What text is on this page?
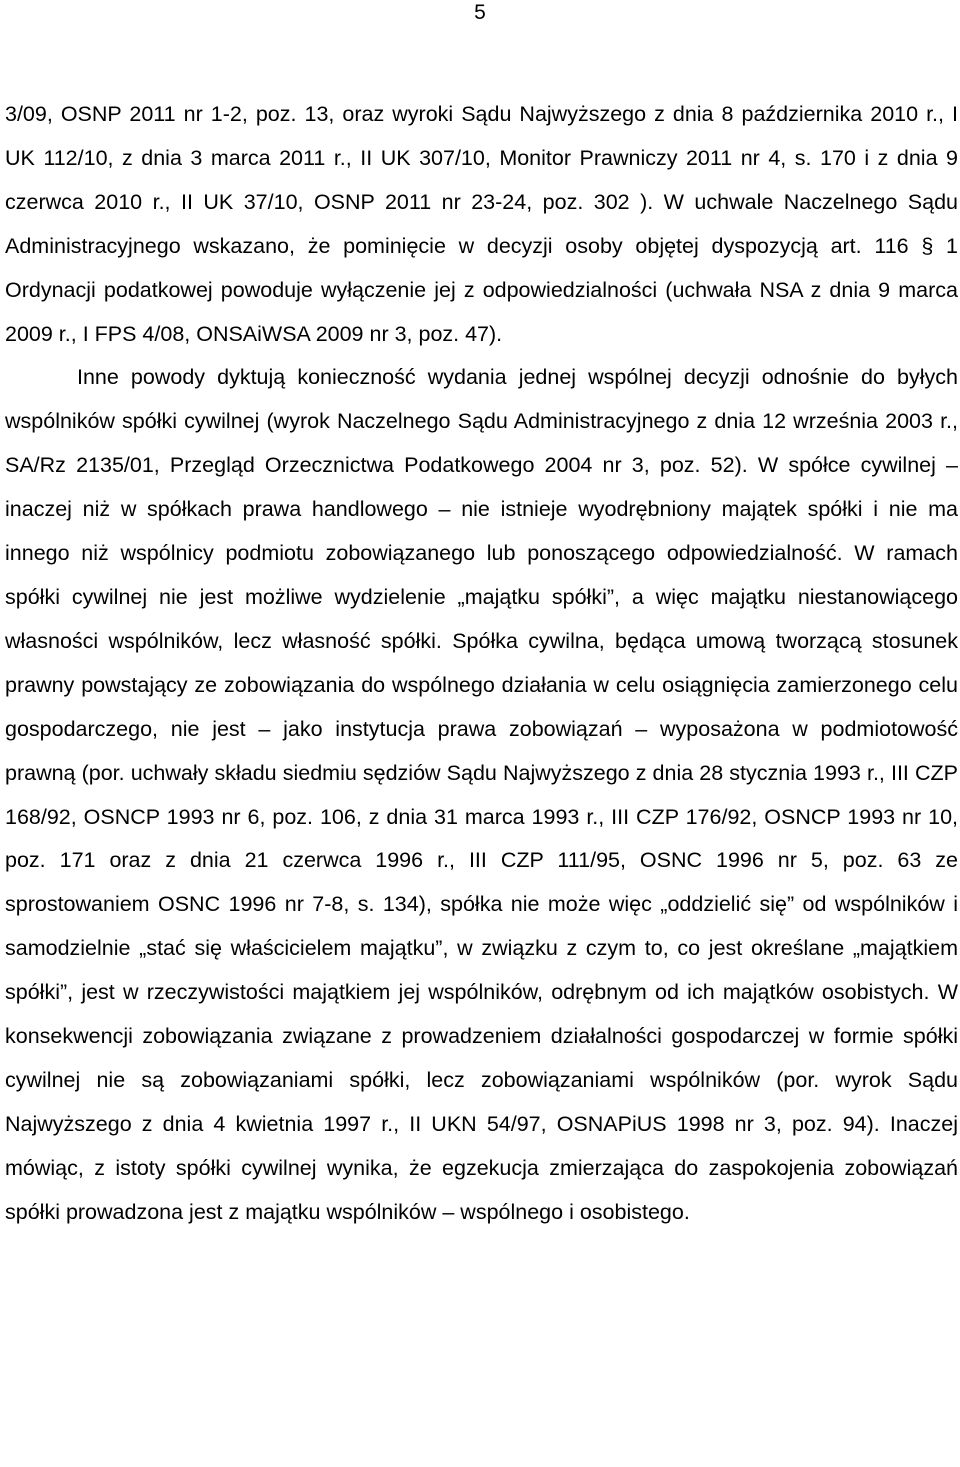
5

3/09, OSNP 2011 nr 1-2, poz. 13, oraz wyroki Sądu Najwyższego z dnia 8 października 2010 r., I UK 112/10, z dnia 3 marca 2011 r., II UK 307/10, Monitor Prawniczy 2011 nr 4, s. 170 i z dnia 9 czerwca 2010 r., II UK 37/10, OSNP 2011 nr 23-24, poz. 302 ). W uchwale Naczelnego Sądu Administracyjnego wskazano, że pominięcie w decyzji osoby objętej dyspozycją art. 116 § 1 Ordynacji podatkowej powoduje wyłączenie jej z odpowiedzialności (uchwała NSA z dnia 9 marca 2009 r., I FPS 4/08, ONSAiWSA 2009 nr 3, poz. 47).

Inne powody dyktują konieczność wydania jednej wspólnej decyzji odnośnie do byłych wspólników spółki cywilnej (wyrok Naczelnego Sądu Administracyjnego z dnia 12 września 2003 r., SA/Rz 2135/01, Przegląd Orzecznictwa Podatkowego 2004 nr 3, poz. 52). W spółce cywilnej – inaczej niż w spółkach prawa handlowego – nie istnieje wyodrębniony majątek spółki i nie ma innego niż wspólnicy podmiotu zobowiązanego lub ponoszącego odpowiedzialność. W ramach spółki cywilnej nie jest możliwe wydzielenie „majątku spółki”, a więc majątku niestanowiącego własności wspólników, lecz własność spółki. Spółka cywilna, będąca umową tworzącą stosunek prawny powstający ze zobowiązania do wspólnego działania w celu osiągnięcia zamierzonego celu gospodarczego, nie jest – jako instytucja prawa zobowiązań – wyposażona w podmiotowość prawną (por. uchwały składu siedmiu sędziów Sądu Najwyższego z dnia 28 stycznia 1993 r., III CZP 168/92, OSNCP 1993 nr 6, poz. 106, z dnia 31 marca 1993 r., III CZP 176/92, OSNCP 1993 nr 10, poz. 171 oraz z dnia 21 czerwca 1996 r., III CZP 111/95, OSNC 1996 nr 5, poz. 63 ze sprostowaniem OSNC 1996 nr 7-8, s. 134), spółka nie może więc „oddzielić się” od wspólników i samodzielnie „stać się właścicielem majątku”, w związku z czym to, co jest określane „majątkiem spółki”, jest w rzeczywistości majątkiem jej wspólników, odrębnym od ich majątków osobistych. W konsekwencji zobowiązania związane z prowadzeniem działalności gospodarczej w formie spółki cywilnej nie są zobowiązaniami spółki, lecz zobowiązaniami wspólników (por. wyrok Sądu Najwyższego z dnia 4 kwietnia 1997 r., II UKN 54/97, OSNAPiUS 1998 nr 3, poz. 94). Inaczej mówiąc, z istoty spółki cywilnej wynika, że egzekucja zmierzająca do zaspokojenia zobowiązań spółki prowadzona jest z majątku wspólników – wspólnego i osobistego.
